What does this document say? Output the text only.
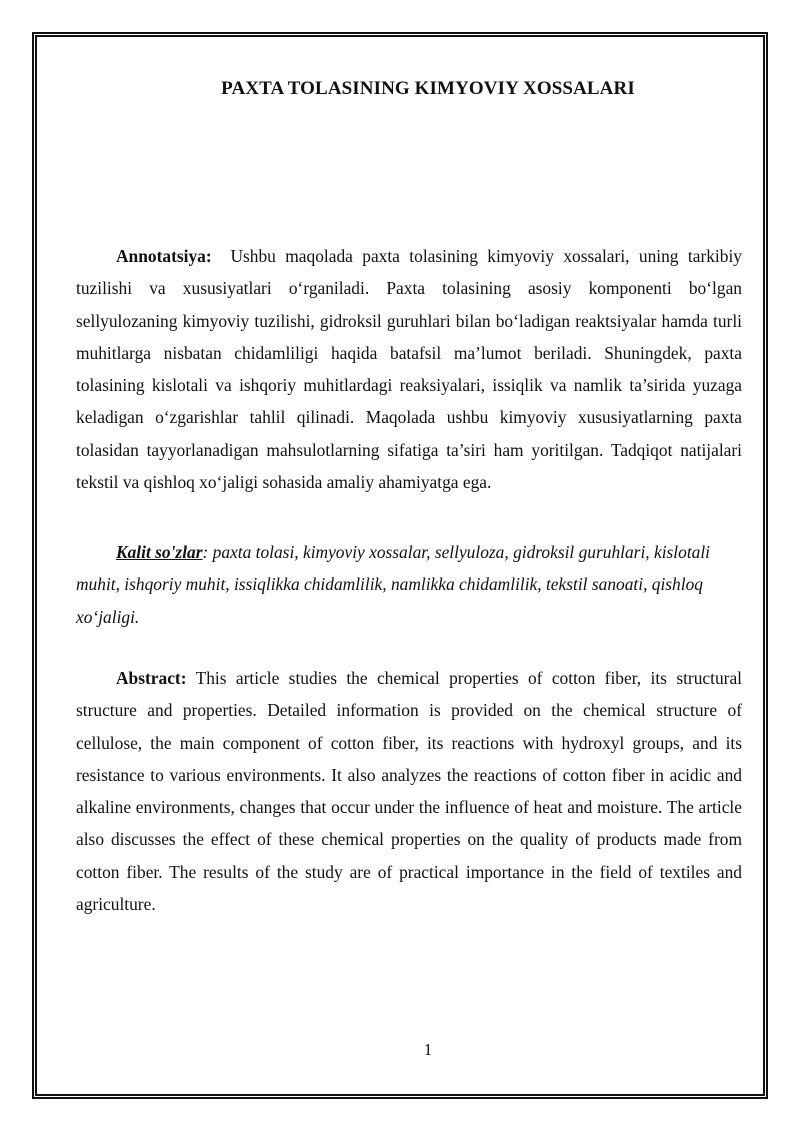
PAXTA TOLASINING KIMYOVIY XOSSALARI

Annotatsiya: Ushbu maqolada paxta tolasining kimyoviy xossalari, uning tarkibiy tuzilishi va xususiyatlari o‘rganiladi. Paxta tolasining asosiy komponenti bo‘lgan sellyulozaning kimyoviy tuzilishi, gidroksil guruhlari bilan bo‘ladigan reaktsiyalar hamda turli muhitlarga nisbatan chidamliligi haqida batafsil ma’lumot beriladi. Shuningdek, paxta tolasining kislotali va ishqoriy muhitlardagi reaksiyalari, issiqlik va namlik ta’sirida yuzaga keladigan o‘zgarishlar tahlil qilinadi. Maqolada ushbu kimyoviy xususiyatlarning paxta tolasidan tayyorlanadigan mahsulotlarning sifatiga ta’siri ham yoritilgan. Tadqiqot natijalari tekstil va qishloq xo‘jaligi sohasida amaliy ahamiyatga ega.

Kalit so'zlar: paxta tolasi, kimyoviy xossalar, sellyuloza, gidroksil guruhlari, kislotali muhit, ishqoriy muhit, issiqlikka chidamlilik, namlikka chidamlilik, tekstil sanoati, qishloq xo‘jaligi.

Abstract: This article studies the chemical properties of cotton fiber, its structural structure and properties. Detailed information is provided on the chemical structure of cellulose, the main component of cotton fiber, its reactions with hydroxyl groups, and its resistance to various environments. It also analyzes the reactions of cotton fiber in acidic and alkaline environments, changes that occur under the influence of heat and moisture. The article also discusses the effect of these chemical properties on the quality of products made from cotton fiber. The results of the study are of practical importance in the field of textiles and agriculture.

1
